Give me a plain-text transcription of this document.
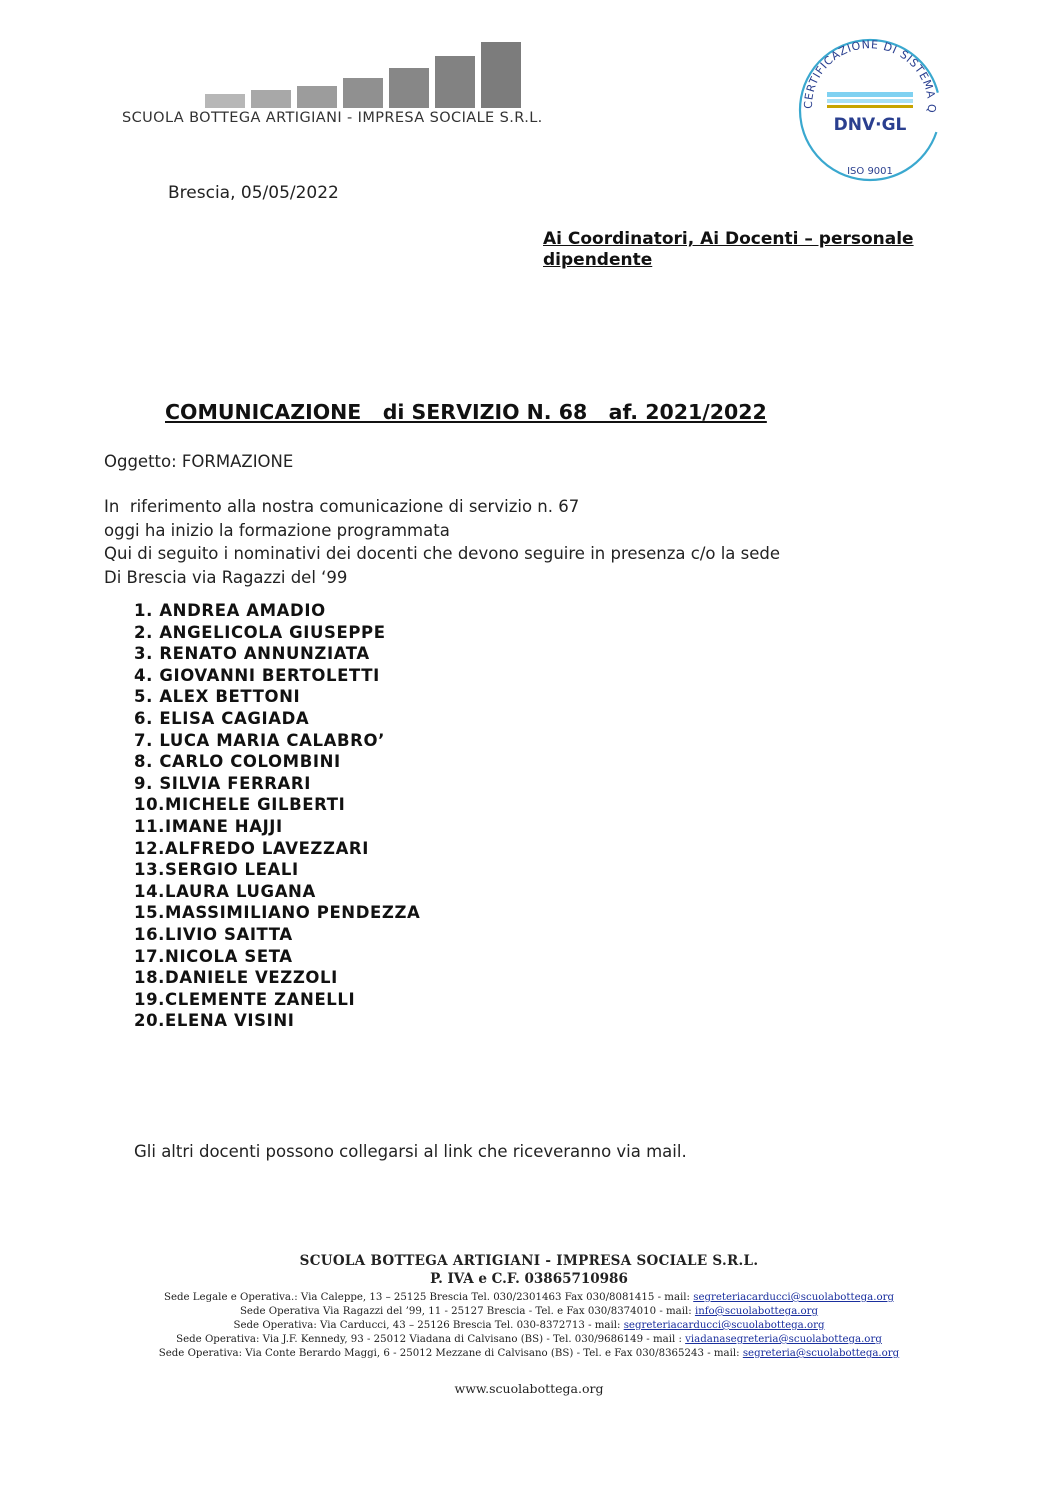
SCUOLA BOTTEGA ARTIGIANI - IMPRESA SOCIALE S.R.L.
CERTIFICAZIONE DI SISTEMA Q
DNV·GL
ISO 9001
Brescia, 05/05/2022
Ai Coordinatori, Ai Docenti – personale
dipendente
COMUNICAZIONE   di SERVIZIO N. 68   af. 2021/2022
Oggetto: FORMAZIONE
In  riferimento alla nostra comunicazione di servizio n. 67
oggi ha inizio la formazione programmata
Qui di seguito i nominativi dei docenti che devono seguire in presenza c/o la sede
Di Brescia via Ragazzi del ‘99
1. ANDREA AMADIO
2. ANGELICOLA GIUSEPPE
3. RENATO ANNUNZIATA
4. GIOVANNI BERTOLETTI
5. ALEX BETTONI
6. ELISA CAGIADA
7. LUCA MARIA CALABRO’
8. CARLO COLOMBINI
9. SILVIA FERRARI
10.MICHELE GILBERTI
11.IMANE HAJJI
12.ALFREDO LAVEZZARI
13.SERGIO LEALI
14.LAURA LUGANA
15.MASSIMILIANO PENDEZZA
16.LIVIO SAITTA
17.NICOLA SETA
18.DANIELE VEZZOLI
19.CLEMENTE ZANELLI
20.ELENA VISINI
Gli altri docenti possono collegarsi al link che riceveranno via mail.
SCUOLA BOTTEGA ARTIGIANI - IMPRESA SOCIALE S.R.L.
P. IVA e C.F. 03865710986
Sede Legale e Operativa.: Via Caleppe, 13 – 25125 Brescia Tel. 030/2301463 Fax 030/8081415 - mail: segreteriacarducci@scuolabottega.org
Sede Operativa Via Ragazzi del ’99, 11 - 25127 Brescia - Tel. e Fax 030/8374010 - mail: info@scuolabottega.org
Sede Operativa: Via Carducci, 43 – 25126 Brescia Tel. 030-8372713 - mail: segreteriacarducci@scuolabottega.org
Sede Operativa: Via J.F. Kennedy, 93 - 25012 Viadana di Calvisano (BS) - Tel. 030/9686149 - mail : viadanasegreteria@scuolabottega.org
Sede Operativa: Via Conte Berardo Maggi, 6 - 25012 Mezzane di Calvisano (BS) - Tel. e Fax 030/8365243 - mail: segreteria@scuolabottega.org
www.scuolabottega.org
